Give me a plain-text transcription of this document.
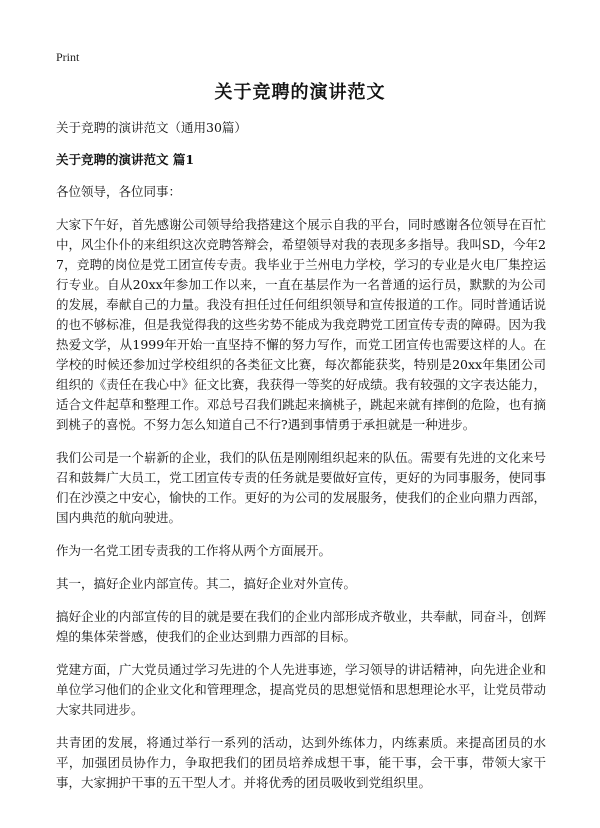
Print
关于竞聘的演讲范文

关于竞聘的演讲范文（通用30篇）

关于竞聘的演讲范文 篇1

各位领导，各位同事：

大家下午好，首先感谢公司领导给我搭建这个展示自我的平台，同时感谢各位领导在百忙中，风尘仆仆的来组织这次竞聘答辩会，希望领导对我的表现多多指导。我叫SD，今年27，竞聘的岗位是党工团宣传专责。我毕业于兰州电力学校，学习的专业是火电厂集控运行专业。自从20xx年参加工作以来，一直在基层作为一名普通的运行员，默默的为公司的发展，奉献自己的力量。我没有担任过任何组织领导和宣传报道的工作。同时普通话说的也不够标准，但是我觉得我的这些劣势不能成为我竞聘党工团宣传专责的障碍。因为我热爱文学，从1999年开始一直坚持不懈的努力写作，而党工团宣传也需要这样的人。在学校的时候还参加过学校组织的各类征文比赛，每次都能获奖，特别是20xx年集团公司组织的《责任在我心中》征文比赛，我获得一等奖的好成绩。我有较强的文字表达能力，适合文件起草和整理工作。邓总号召我们跳起来摘桃子，跳起来就有摔倒的危险，也有摘到桃子的喜悦。不努力怎么知道自己不行?遇到事情勇于承担就是一种进步。

我们公司是一个崭新的企业，我们的队伍是刚刚组织起来的队伍。需要有先进的文化来号召和鼓舞广大员工，党工团宣传专责的任务就是要做好宣传，更好的为同事服务，使同事们在沙漠之中安心，愉快的工作。更好的为公司的发展服务，使我们的企业向鼎力西部，国内典范的航向驶进。

作为一名党工团专责我的工作将从两个方面展开。

其一，搞好企业内部宣传。其二，搞好企业对外宣传。

搞好企业的内部宣传的目的就是要在我们的企业内部形成齐敬业，共奉献，同奋斗，创辉煌的集体荣誉感，使我们的企业达到鼎力西部的目标。

党建方面，广大党员通过学习先进的个人先进事迹，学习领导的讲话精神，向先进企业和单位学习他们的企业文化和管理理念，提高党员的思想觉悟和思想理论水平，让党员带动大家共同进步。

共青团的发展，将通过举行一系列的活动，达到外练体力，内练素质。来提高团员的水平，加强团员协作力，争取把我们的团员培养成想干事，能干事，会干事，带领大家干事，大家拥护干事的五干型人才。并将优秀的团员吸收到党组织里。
